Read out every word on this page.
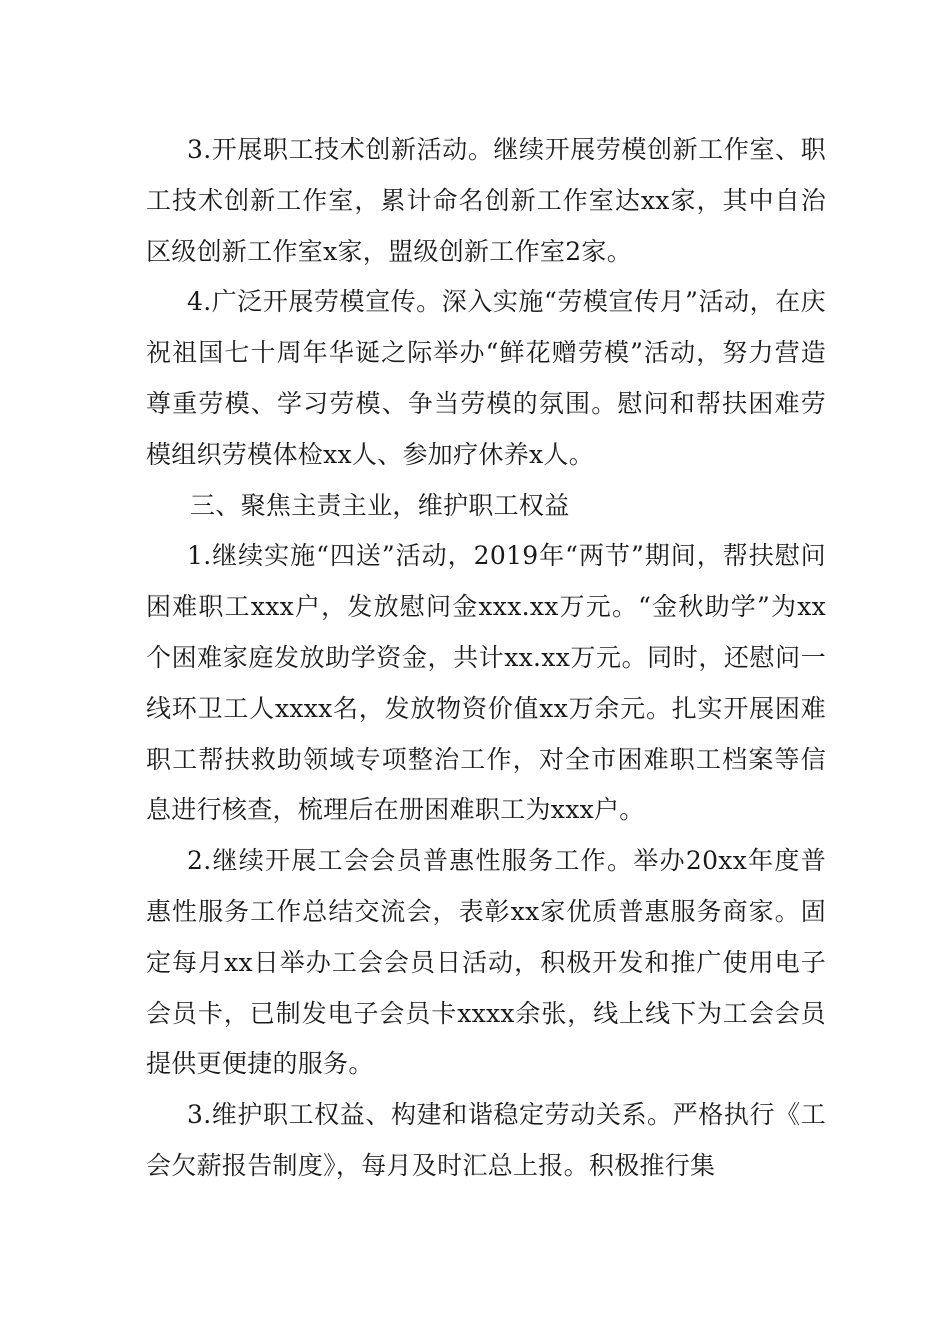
3.开展职工技术创新活动。继续开展劳模创新工作室、职工技术创新工作室，累计命名创新工作室达xx家，其中自治区级创新工作室x家，盟级创新工作室2家。

4.广泛开展劳模宣传。深入实施“劳模宣传月”活动，在庆祝祖国七十周年华诞之际举办“鲜花赠劳模”活动，努力营造尊重劳模、学习劳模、争当劳模的氛围。慰问和帮扶困难劳模组织劳模体检xx人、参加疗休养x人。

三、聚焦主责主业，维护职工权益

1.继续实施“四送”活动，2019年“两节”期间，帮扶慰问困难职工xxx户，发放慰问金xxx.xx万元。“金秋助学”为xx个困难家庭发放助学资金，共计xx.xx万元。同时，还慰问一线环卫工人xxxx名，发放物资价值xx万余元。扎实开展困难职工帮扶救助领域专项整治工作，对全市困难职工档案等信息进行核查，梳理后在册困难职工为xxx户。

2.继续开展工会会员普惠性服务工作。举办20xx年度普惠性服务工作总结交流会，表彰xx家优质普惠服务商家。固定每月xx日举办工会会员日活动，积极开发和推广使用电子会员卡，已制发电子会员卡xxxx余张，线上线下为工会会员提供更便捷的服务。

3.维护职工权益、构建和谐稳定劳动关系。严格执行《工会欠薪报告制度》，每月及时汇总上报。积极推行集
